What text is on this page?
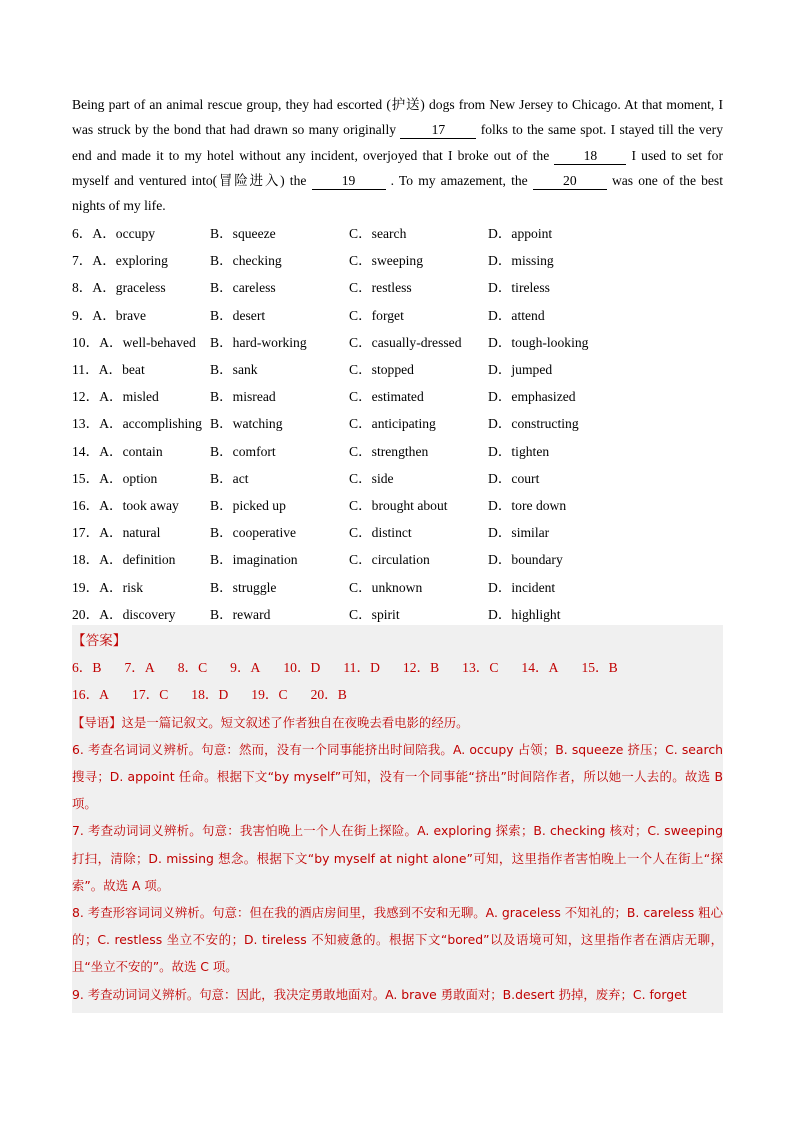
Being part of an animal rescue group, they had escorted (护送) dogs from New Jersey to Chicago. At that moment, I was struck by the bond that had drawn so many originally	17	folks to the same spot. I stayed till the very end and made it to my hotel without any incident, overjoyed that I broke out of the	18	I used to set for myself and ventured into(冒险进入) the	19	. To my amazement, the	20	was one of the best nights of my life.

6．A．occupy	B．squeeze	C．search	D．appoint
7．A．exploring	B．checking	C．sweeping	D．missing
8．A．graceless	B．careless	C．restless	D．tireless
9．A．brave	B．desert	C．forget	D．attend
10．A．well-behaved	B．hard-working	C．casually-dressed	D．tough-looking
11．A．beat	B．sank	C．stopped	D．jumped
12．A．misled	B．misread	C．estimated	D．emphasized
13．A．accomplishing B．watching	C．anticipating	D．constructing
14．A．contain	B．comfort	C．strengthen	D．tighten
15．A．option	B．act	C．side	D．court
16．A．took away	B．picked up	C．brought about	D．tore down
17．A．natural	B．cooperative	C．distinct	D．similar
18．A．definition	B．imagination	C．circulation	D．boundary
19．A．risk	B．struggle	C．unknown	D．incident
20．A．discovery	B．reward	C．spirit	D．highlight
【答案】
6．B 7．A 8．C 9．A 10．D 11．D 12．B 13．C 14．A 15．B
16．A 17．C 18．D 19．C 20．B

【导语】这是一篇记叙文。短文叙述了作者独自在夜晚去看电影的经历。

6. 考查名词词义辨析。句意：然而，没有一个同事能挤出时间陪我。A. occupy 占领；B. squeeze 挤压；C. search 搜寻；D. appoint 任命。根据下文“by myself”可知，没有一个同事能“挤出”时间陪作者，所以她一人去的。故选 B 项。

7. 考查动词词义辨析。句意：我害怕晚上一个人在街上探险。A. exploring 探索；B. checking 核对；C. sweeping 打扫，清除；D. missing 想念。根据下文“by myself at night alone”可知，这里指作者害怕晚上一个人在街上“探索”。故选 A 项。

8. 考查形容词词义辨析。句意：但在我的酒店房间里，我感到不安和无聊。A. graceless 不知礼的；B. careless 粗心的；C. restless 坐立不安的；D. tireless 不知疲惫的。根据下文“bored”以及语境可知，这里指作者在酒店无聊，且“坐立不安的”。故选 C 项。

9. 考查动词词义辨析。句意：因此，我决定勇敢地面对。A. brave 勇敢面对；B.desert 扔掉，废弃；C. forget
